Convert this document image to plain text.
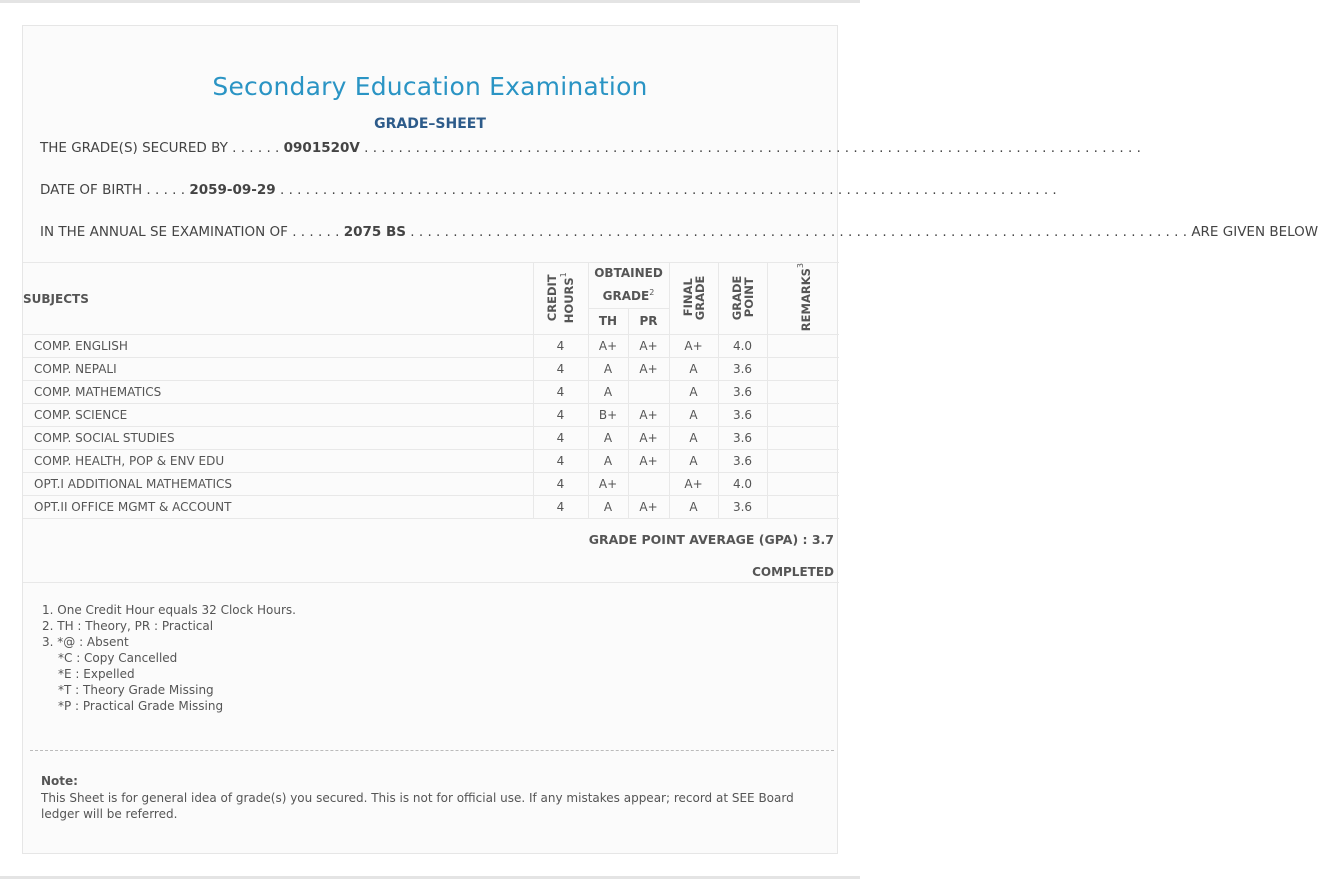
Secondary Education Examination
GRADE–SHEET
THE GRADE(S) SECURED BY . . . . . .
0901520V
. . . . . . . . . . . . . . . . . . . . . . . . . . . . . . . . . . . . . . . . . . . . . . . . . . . . . . . . . . . . . . . . . . . . . . . . . . . . . . . . . . . . . . . . . . .
DATE OF BIRTH . . . . .
2059-09-29
. . . . . . . . . . . . . . . . . . . . . . . . . . . . . . . . . . . . . . . . . . . . . . . . . . . . . . . . . . . . . . . . . . . . . . . . . . . . . . . . . . . . . . . . . . .
IN THE ANNUAL SE EXAMINATION OF . . . . . .
2075 BS
. . . . . . . . . . . . . . . . . . . . . . . . . . . . . . . . . . . . . . . . . . . . . . . . . . . . . . . . . . . . . . . . . . . . . . . . . . . . . . . . . . . . . . . . . . .
ARE GIVEN BELOW
SUBJECTS	CREDIT HOURS$^1$	OBTAINED GRADE$^2$		FINAL GRADE	GRADE POINT	REMARKS$^3$
		TH	PR			
COMP. ENGLISH	4	A+	A+	A+	4.0	
COMP. NEPALI	4	A	A+	A	3.6	
COMP. MATHEMATICS	4	A		A	3.6	
COMP. SCIENCE	4	B+	A+	A	3.6	
COMP. SOCIAL STUDIES	4	A	A+	A	3.6	
COMP. HEALTH, POP & ENV EDU	4	A	A+	A	3.6	
OPT.I ADDITIONAL MATHEMATICS	4	A+		A+	4.0	
OPT.II OFFICE MGMT & ACCOUNT	4	A	A+	A	3.6	
GRADE POINT AVERAGE (GPA) : 3.7
COMPLETED
1. One Credit Hour equals 32 Clock Hours.
2. TH : Theory, PR : Practical
3. *@ : Absent
*C : Copy Cancelled
*E : Expelled
*T : Theory Grade Missing
*P : Practical Grade Missing
Note:
This Sheet is for general idea of grade(s) you secured. This is not for official use. If any mistakes appear; record at SEE Board ledger will be referred.
